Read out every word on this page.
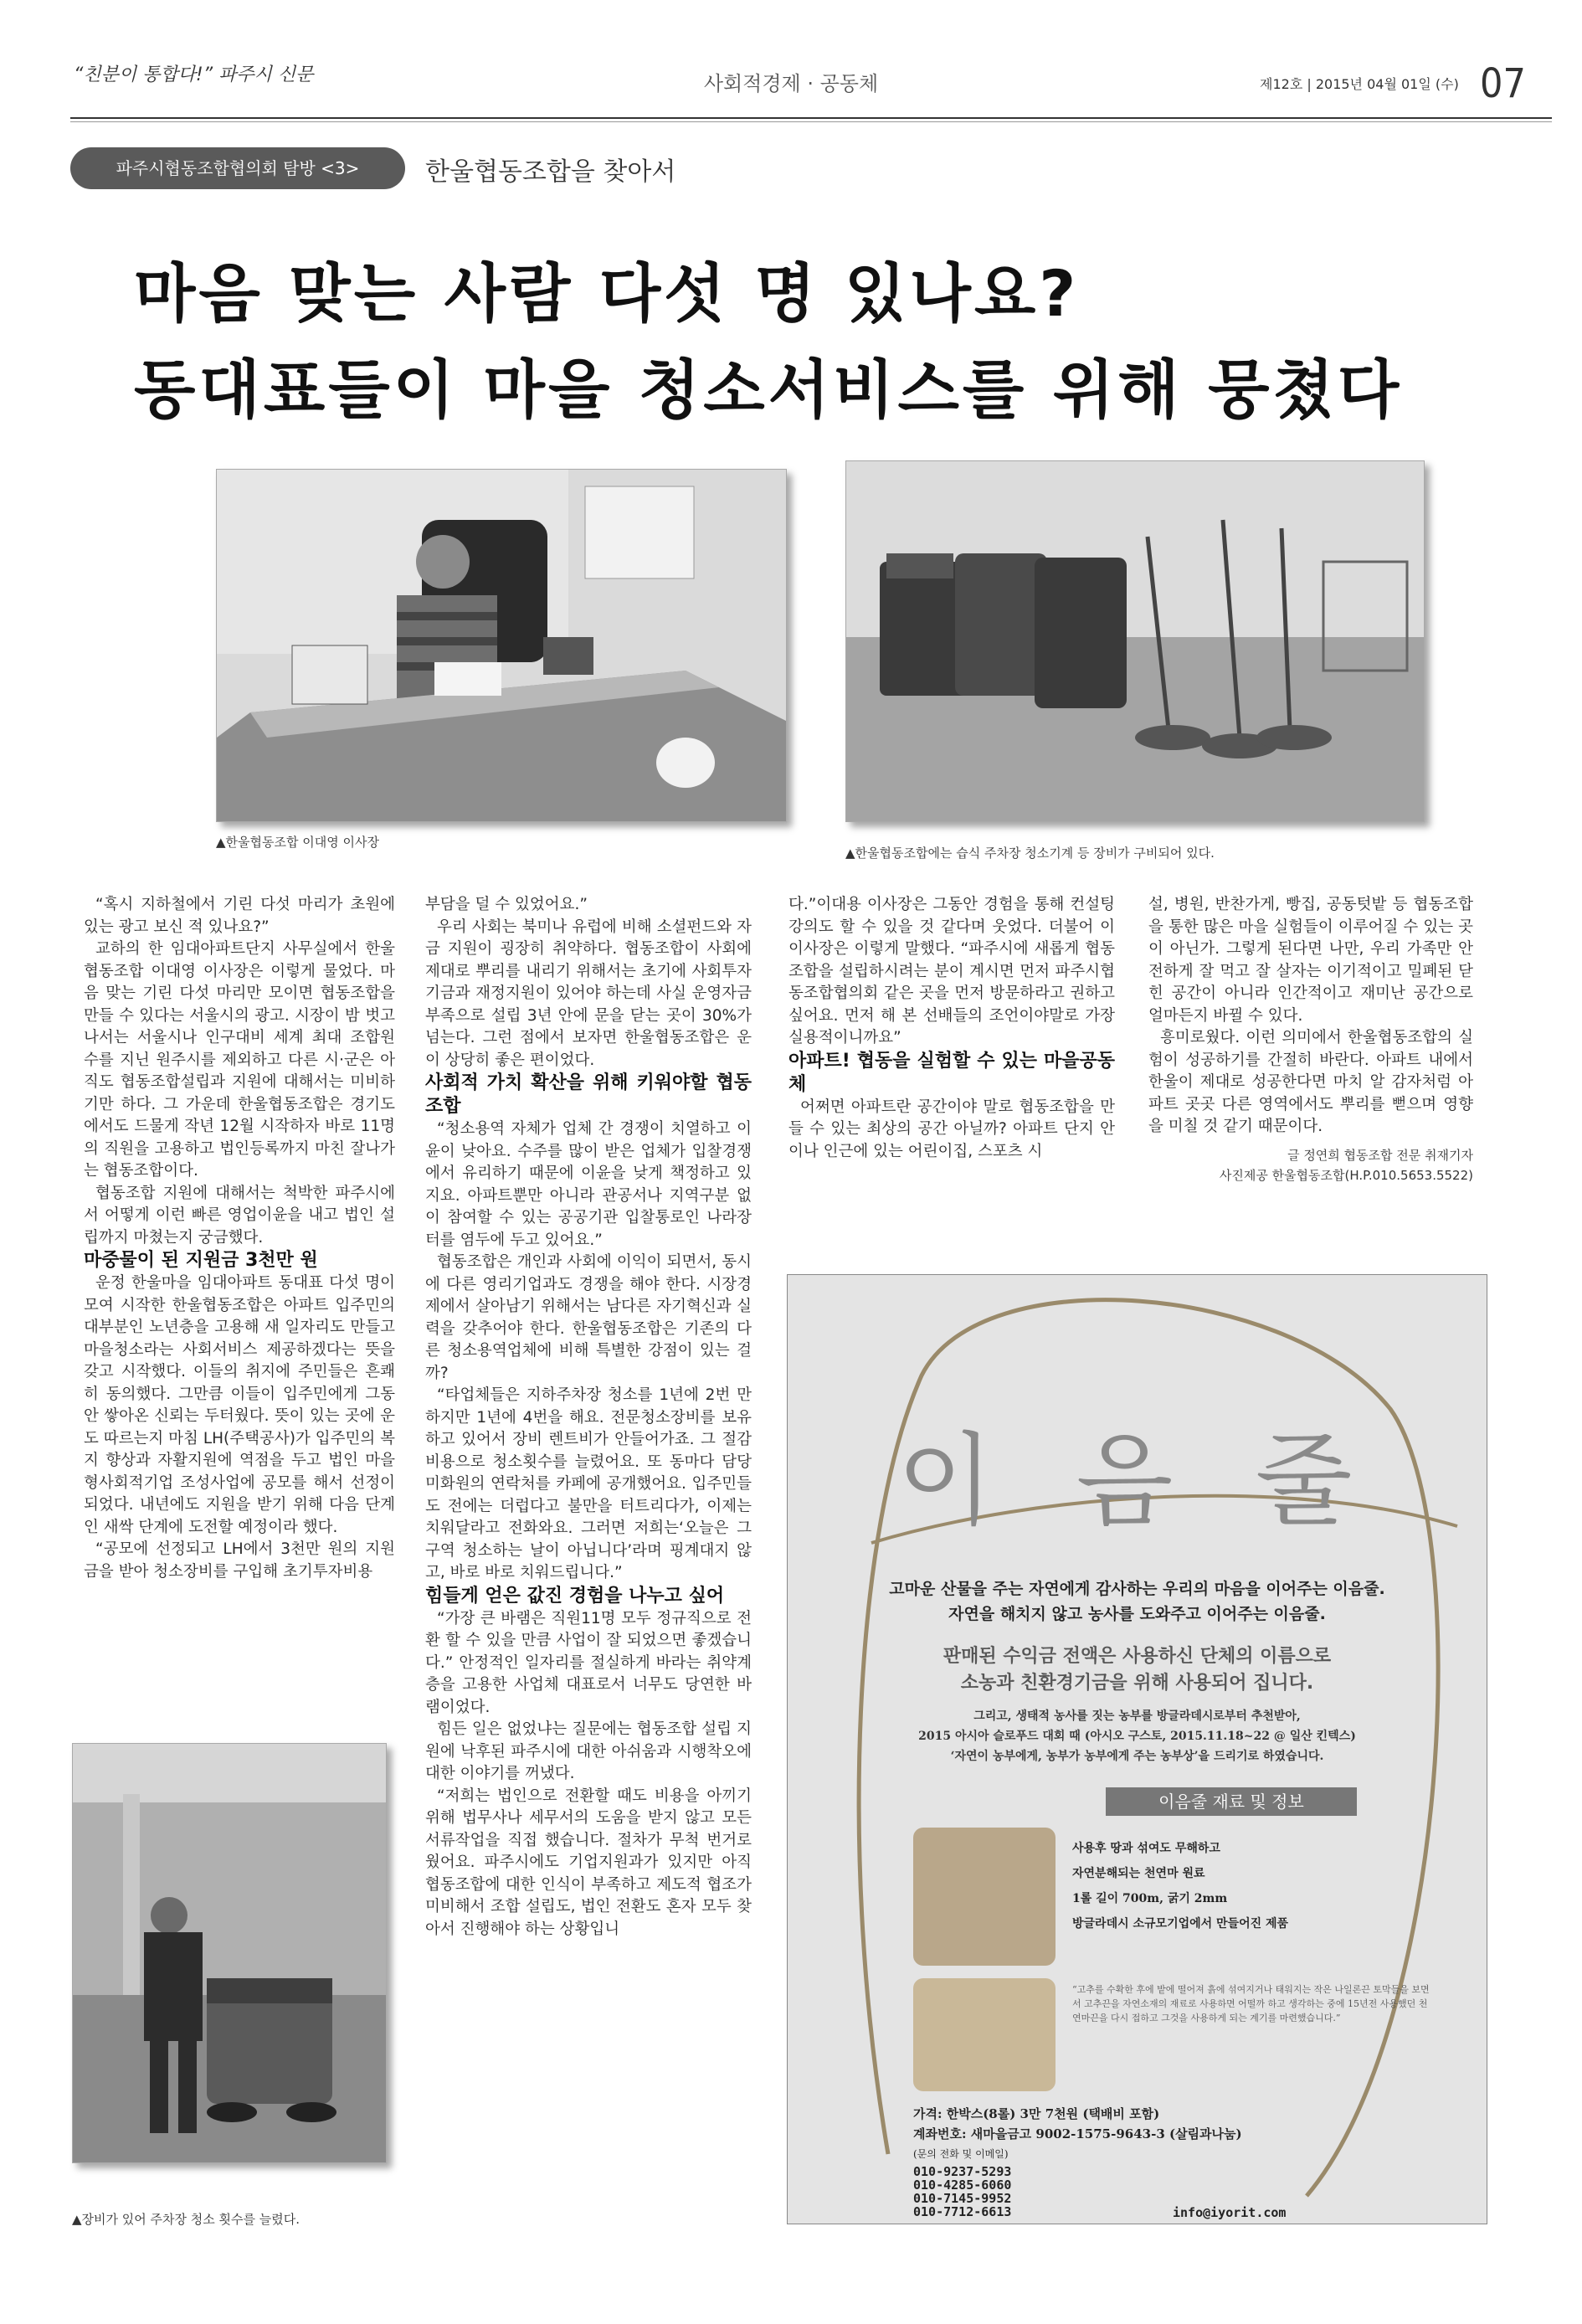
“친분이 통합다!” 파주시 신문	사회적경제 · 공동체	제12호 | 2015년 04월 01일 (수) 07
파주시협동조합협의회 탐방 <3>	한울협동조합을 찾아서
마음 맞는 사람 다섯 명 있나요?
동대표들이 마을 청소서비스를 위해 뭉쳤다
▲한울협동조합 이대영 이사장
▲한울협동조합에는 습식 주차장 청소기계 등 장비가 구비되어 있다.

“혹시 지하철에서 기린 다섯 마리가 초원에 있는 광고 보신 적 있나요?”

교하의 한 임대아파트단지 사무실에서 한울협동조합 이대영 이사장은 이렇게 물었다. 마음 맞는 기린 다섯 마리만 모이면 협동조합을 만들 수 있다는 서울시의 광고. 시장이 밤 벗고 나서는 서울시나 인구대비 세계 최대 조합원 수를 지닌 원주시를 제외하고 다른 시·군은 아직도 협동조합설립과 지원에 대해서는 미비하기만 하다. 그 가운데 한울협동조합은 경기도에서도 드물게 작년 12월 시작하자 바로 11명의 직원을 고용하고 법인등록까지 마친 잘나가는 협동조합이다.

협동조합 지원에 대해서는 척박한 파주시에서 어떻게 이런 빠른 영업이윤을 내고 법인 설립까지 마쳤는지 궁금했다.

마중물이 된 지원금 3천만 원

운정 한울마을 임대아파트 동대표 다섯 명이 모여 시작한 한울협동조합은 아파트 입주민의 대부분인 노년층을 고용해 새 일자리도 만들고 마을청소라는 사회서비스 제공하겠다는 뜻을 갖고 시작했다. 이들의 취지에 주민들은 흔쾌히 동의했다. 그만큼 이들이 입주민에게 그동안 쌓아온 신뢰는 두터웠다. 뜻이 있는 곳에 운도 따르는지 마침 LH(주택공사)가 입주민의 복지 향상과 자활지원에 역점을 두고 법인 마을형사회적기업 조성사업에 공모를 해서 선정이 되었다. 내년에도 지원을 받기 위해 다음 단계인 새싹 단계에 도전할 예정이라 했다.

“공모에 선정되고 LH에서 3천만 원의 지원금을 받아 청소장비를 구입해 초기투자비용

▲장비가 있어 주차장 청소 횟수를 늘렸다.

부담을 덜 수 있었어요.”

우리 사회는 북미나 유럽에 비해 소셜펀드와 자금 지원이 굉장히 취약하다. 협동조합이 사회에 제대로 뿌리를 내리기 위해서는 초기에 사회투자기금과 재정지원이 있어야 하는데 사실 운영자금 부족으로 설립 3년 안에 문을 닫는 곳이 30%가 넘는다. 그런 점에서 보자면 한울협동조합은 운이 상당히 좋은 편이었다.

사회적 가치 확산을 위해 키워야할 협동조합

“청소용역 자체가 업체 간 경쟁이 치열하고 이윤이 낮아요. 수주를 많이 받은 업체가 입찰경쟁에서 유리하기 때문에 이윤을 낮게 책정하고 있지요. 아파트뿐만 아니라 관공서나 지역구분 없이 참여할 수 있는 공공기관 입찰통로인 나라장터를 염두에 두고 있어요.”

협동조합은 개인과 사회에 이익이 되면서, 동시에 다른 영리기업과도 경쟁을 해야 한다. 시장경제에서 살아남기 위해서는 남다른 자기혁신과 실력을 갖추어야 한다. 한울협동조합은 기존의 다른 청소용역업체에 비해 특별한 강점이 있는 걸까?

“타업체들은 지하주차장 청소를 1년에 2번 만 하지만 1년에 4번을 해요. 전문청소장비를 보유하고 있어서 장비 렌트비가 안들어가죠. 그 절감 비용으로 청소횟수를 늘렸어요. 또 동마다 담당 미화원의 연락처를 카페에 공개했어요. 입주민들도 전에는 더럽다고 불만을 터트리다가, 이제는 치워달라고 전화와요. 그러면 저희는‘오늘은 그 구역 청소하는 날이 아닙니다’라며 핑계대지 않고, 바로 바로 치워드립니다.”

힘들게 얻은 값진 경험을 나누고 싶어

“가장 큰 바램은 직원11명 모두 정규직으로 전환 할 수 있을 만큼 사업이 잘 되었으면 좋겠습니다.” 안정적인 일자리를 절실하게 바라는 취약계층을 고용한 사업체 대표로서 너무도 당연한 바램이었다.

힘든 일은 없었냐는 질문에는 협동조합 설립 지원에 낙후된 파주시에 대한 아쉬움과 시행착오에 대한 이야기를 꺼냈다.

“저희는 법인으로 전환할 때도 비용을 아끼기 위해 법무사나 세무서의 도움을 받지 않고 모든 서류작업을 직접 했습니다. 절차가 무척 번거로웠어요. 파주시에도 기업지원과가 있지만 아직 협동조합에 대한 인식이 부족하고 제도적 협조가 미비해서 조합 설립도, 법인 전환도 혼자 모두 찾아서 진행해야 하는 상황입니

다.”이대용 이사장은 그동안 경험을 통해 컨설팅 강의도 할 수 있을 것 같다며 웃었다. 더불어 이 이사장은 이렇게 말했다. “파주시에 새롭게 협동조합을 설립하시려는 분이 계시면 먼저 파주시협동조합협의회 같은 곳을 먼저 방문하라고 권하고 싶어요. 먼저 해 본 선배들의 조언이야말로 가장 실용적이니까요”

아파트! 협동을 실험할 수 있는 마을공동체

어쩌면 아파트란 공간이야 말로 협동조합을 만들 수 있는 최상의 공간 아닐까? 아파트 단지 안이나 인근에 있는 어린이집, 스포츠 시

설, 병원, 반찬가게, 빵집, 공동텃밭 등 협동조합을 통한 많은 마을 실험들이 이루어질 수 있는 곳이 아닌가. 그렇게 된다면 나만, 우리 가족만 안전하게 잘 먹고 잘 살자는 이기적이고 밀폐된 닫힌 공간이 아니라 인간적이고 재미난 공간으로 얼마든지 바뀔 수 있다.

흥미로웠다. 이런 의미에서 한울협동조합의 실험이 성공하기를 간절히 바란다. 아파트 내에서 한울이 제대로 성공한다면 마치 알 감자처럼 아파트 곳곳 다른 영역에서도 뿌리를 뻗으며 영향을 미칠 것 같기 때문이다.

글 정연희 협동조합 전문 취재기자
사진제공 한울협동조합(H.P.010.5653.5522)
이 음 줄
고마운 산물을 주는 자연에게 감사하는 우리의 마음을 이어주는 이음줄.
자연을 해치지 않고 농사를 도와주고 이어주는 이음줄.
판매된 수익금 전액은 사용하신 단체의 이름으로
소농과 친환경기금을 위해 사용되어 집니다.
그리고, 생태적 농사를 짓는 농부를 방글라데시로부터 추천받아,
2015 아시아 슬로푸드 대회 때 (아시오 구스토, 2015.11.18~22 @ 일산 킨텍스)
‘자연이 농부에게, 농부가 농부에게 주는 농부상’을 드리기로 하였습니다.
이음줄 재료 및 정보
사용후 땅과 섞여도 무해하고
자연분해되는 천연마 원료
1롤 길이 700m, 굵기 2mm
방글라데시 소규모기업에서 만들어진 제품
“고추를 수확한 후에 밭에 떨어져 흙에 섞여지거나 태워지는 작은 나일론끈 토막들을 보면서 고추끈을 자연소재의 재료로 사용하면 어떨까 하고 생각하는 중에 15년전 사용했던 천연마끈을 다시 접하고 그것을 사용하게 되는 계기를 마련했습니다.”
가격: 한박스(8롤) 3만 7천원 (택배비 포함)
계좌번호: 새마을금고 9002-1575-9643-3 (살림과나눔)
(문의 전화 및 이메일)
010-9237-5293
010-4285-6060
010-7145-9952
010-7712-6613	info@iyorit.com
